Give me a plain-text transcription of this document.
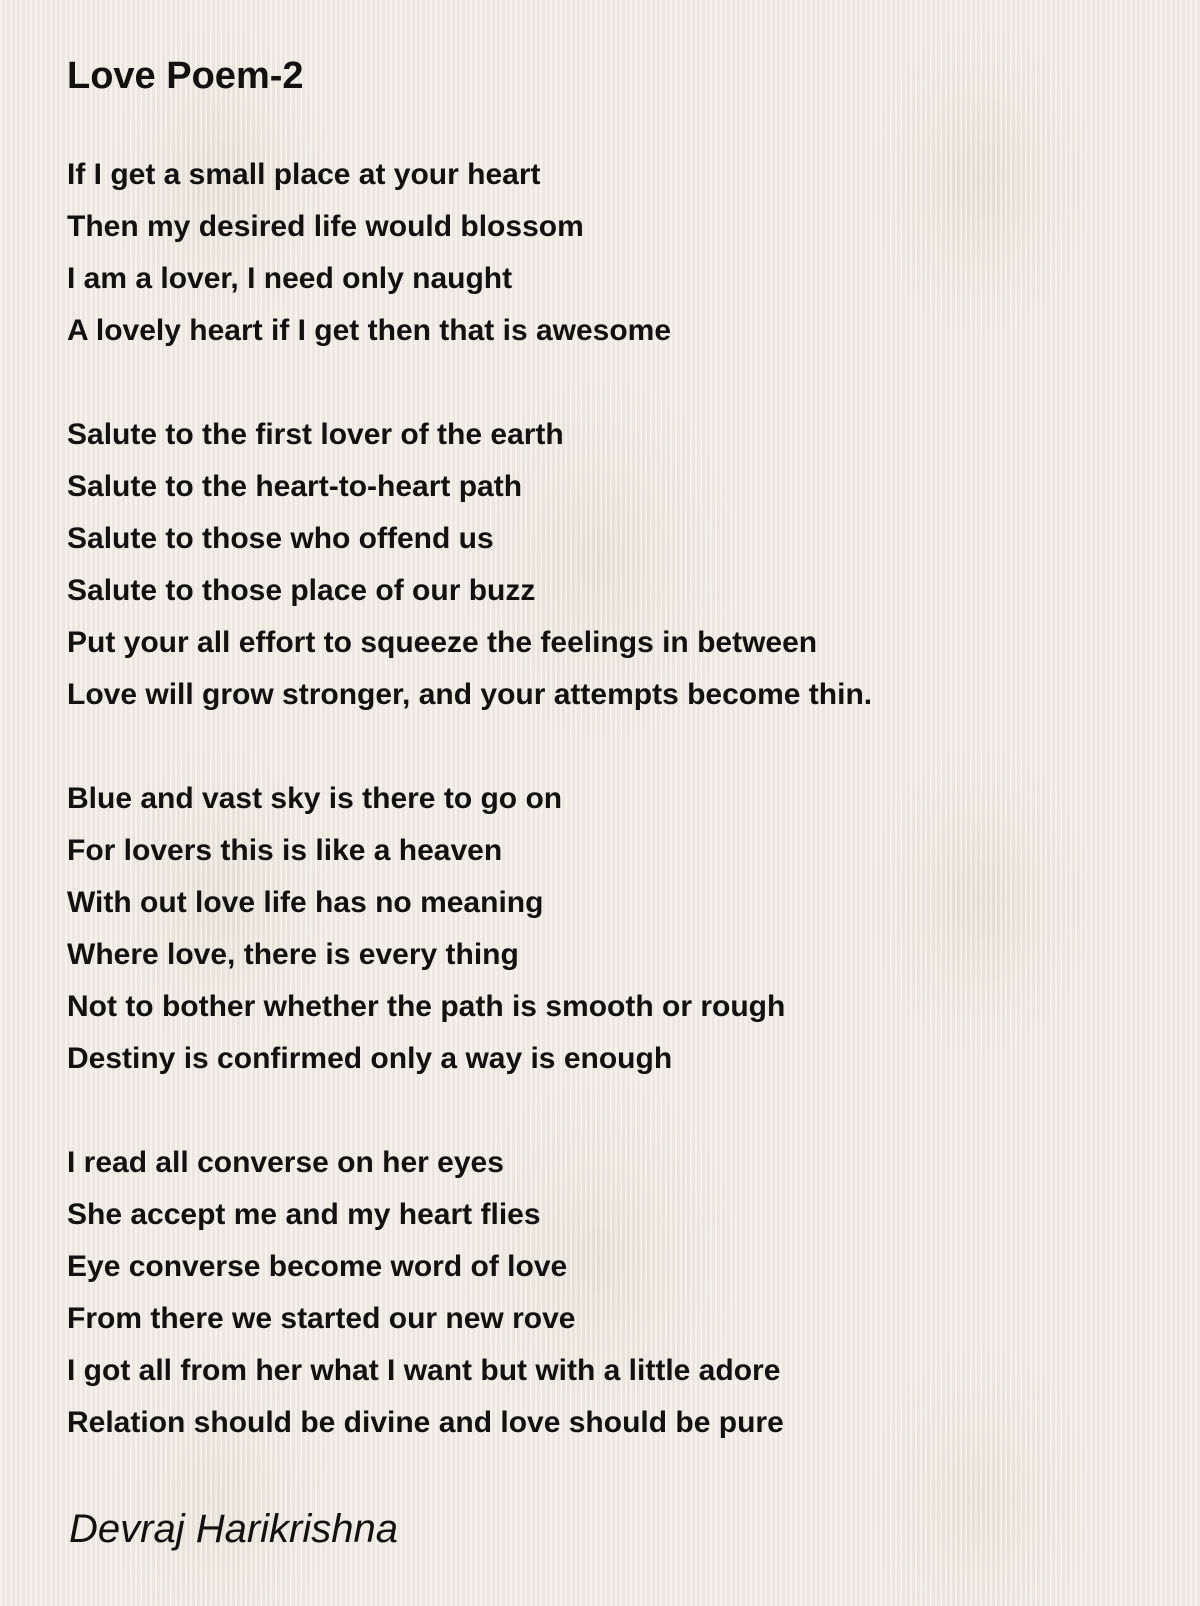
Love Poem-2
If I get a small place at your heart
Then my desired life would blossom
I am a lover, I need only naught
A lovely heart if I get then that is awesome
Salute to the first lover of the earth
Salute to the heart-to-heart path
Salute to those who offend us
Salute to those place of our buzz
Put your all effort to squeeze the feelings in between
Love will grow stronger, and your attempts become thin.
Blue and vast sky is there to go on
For lovers this is like a heaven
With out love life has no meaning
Where love, there is every thing
Not to bother whether the path is smooth or rough
Destiny is confirmed only a way is enough
I read all converse on her eyes
She accept me and my heart flies
Eye converse become word of love
From there we started our new rove
I got all from her what I want but with a little adore
Relation should be divine and love should be pure

Devraj Harikrishna
